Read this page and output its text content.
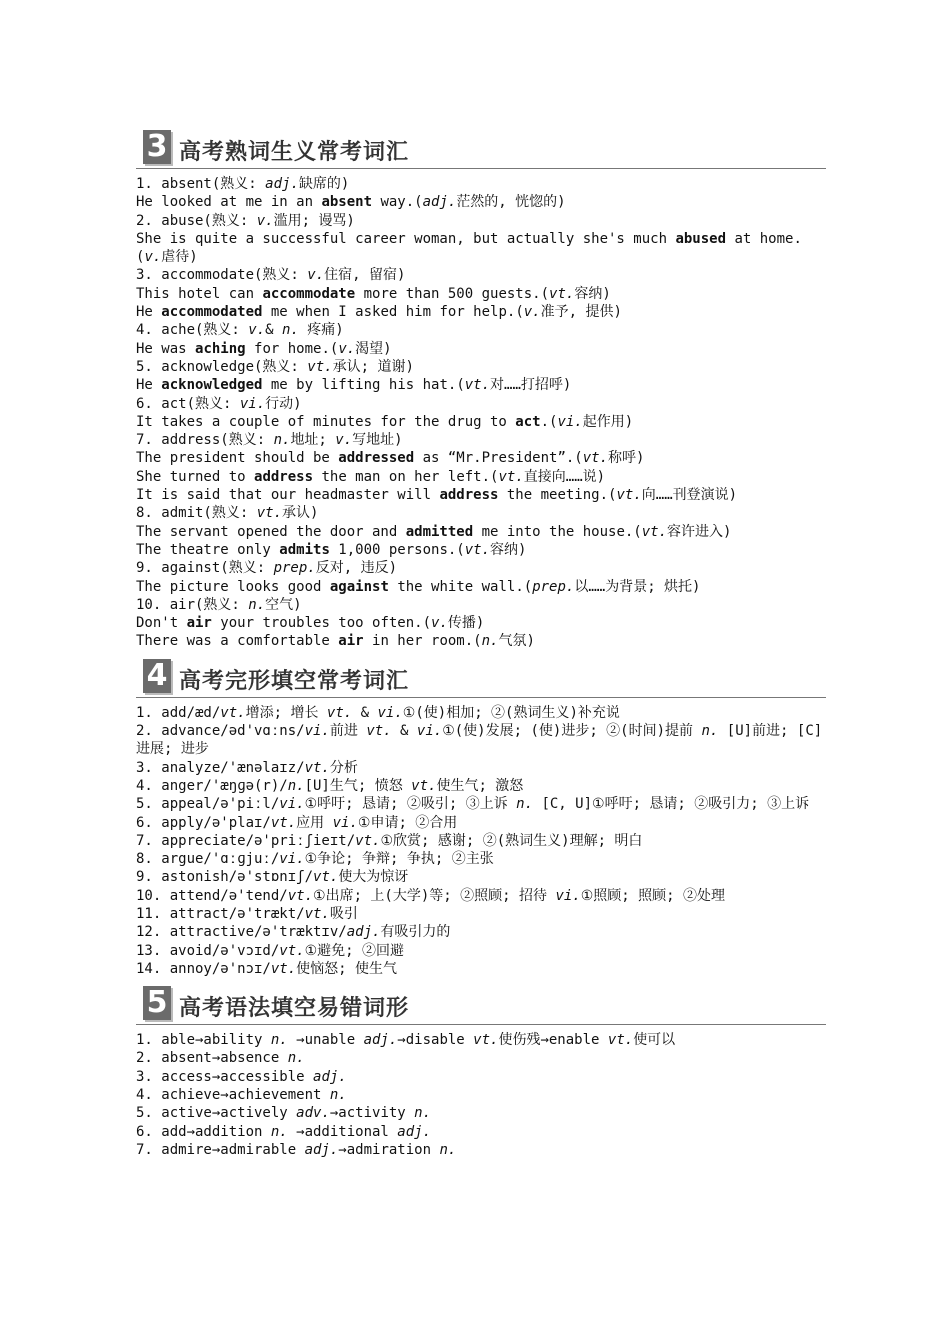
3 高考熟词生义常考词汇
1. absent(熟义: adj.缺席的)
He looked at me in an absent way.(adj.茫然的, 恍惚的)
2. abuse(熟义: v.滥用; 谩骂)
She is quite a successful career woman, but actually she's much abused at home.(v.虐待)
3. accommodate(熟义: v.住宿, 留宿)
This hotel can accommodate more than 500 guests.(vt.容纳)
He accommodated me when I asked him for help.(v.准予, 提供)
4. ache(熟义: v.& n. 疼痛)
He was aching for home.(v.渴望)
5. acknowledge(熟义: vt.承认; 道谢)
He acknowledged me by lifting his hat.(vt.对……打招呼)
6. act(熟义: vi.行动)
It takes a couple of minutes for the drug to act.(vi.起作用)
7. address(熟义: n.地址; v.写地址)
The president should be addressed as “Mr.President”.(vt.称呼)
She turned to address the man on her left.(vt.直接向……说)
It is said that our headmaster will address the meeting.(vt.向……刊登演说)
8. admit(熟义: vt.承认)
The servant opened the door and admitted me into the house.(vt.容许进入)
The theatre only admits 1,000 persons.(vt.容纳)
9. against(熟义: prep.反对, 违反)
The picture looks good against the white wall.(prep.以……为背景; 烘托)
10. air(熟义: n.空气)
Don't air your troubles too often.(v.传播)
There was a comfortable air in her room.(n.气氛)
4 高考完形填空常考词汇
1. add/æd/vt.增添; 增长 vt. & vi.①(使)相加; ②(熟词生义)补充说
2. advance/əd'vɑːns/vi.前进 vt. & vi.①(使)发展; (使)进步; ②(时间)提前 n. [U]前进; [C]进展; 进步
3. analyze/'ænəlaɪz/vt.分析
4. anger/'æŋɡə(r)/n.[U]生气; 愤怒 vt.使生气; 激怒
5. appeal/ə'piːl/vi.①呼吁; 恳请; ②吸引; ③上诉 n. [C, U]①呼吁; 恳请; ②吸引力; ③上诉
6. apply/ə'plaɪ/vt.应用 vi.①申请; ②合用
7. appreciate/ə'priːʃieɪt/vt.①欣赏; 感谢; ②(熟词生义)理解; 明白
8. argue/'ɑːɡjuː/vi.①争论; 争辩; 争执; ②主张
9. astonish/ə'stɒnɪʃ/vt.使大为惊讶
10. attend/ə'tend/vt.①出席; 上(大学)等; ②照顾; 招待 vi.①照顾; 照顾; ②处理
11. attract/ə'trækt/vt.吸引
12. attractive/ə'træktɪv/adj.有吸引力的
13. avoid/ə'vɔɪd/vt.①避免; ②回避
14. annoy/ə'nɔɪ/vt.使恼怒; 使生气
5 高考语法填空易错词形
1. able→ability n. →unable adj.→disable vt.使伤残→enable vt.使可以
2. absent→absence n.
3. access→accessible adj.
4. achieve→achievement n.
5. active→actively adv.→activity n.
6. add→addition n. →additional adj.
7. admire→admirable adj.→admiration n.
